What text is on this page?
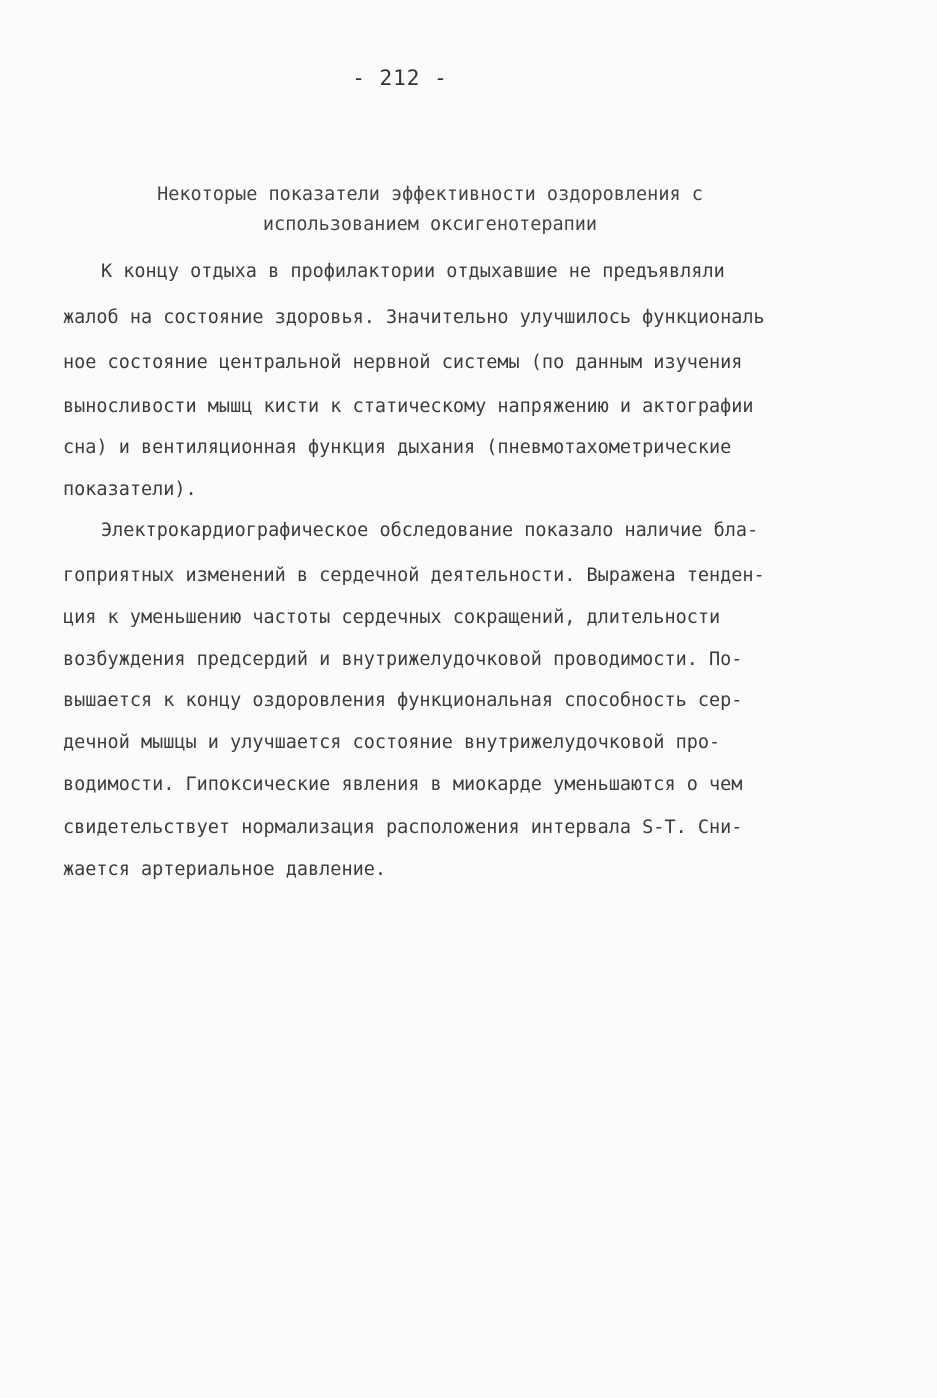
- 212 -
Некоторые показатели эффективности оздоровления с
использованием оксигенотерапии
К концу отдыха в профилактории отдыхавшие не предъявляли
жалоб на состояние здоровья. Значительно улучшилось функциональ
ное состояние центральной нервной системы (по данным изучения
выносливости мышц кисти к статическому напряжению и актографии
сна) и вентиляционная функция дыхания (пневмотахометрические
показатели).
Электрокардиографическое обследование показало наличие бла-
гоприятных изменений в сердечной деятельности. Выражена тенден-
ция к уменьшению частоты сердечных сокращений, длительности
возбуждения предсердий и внутрижелудочковой проводимости. По-
вышается к концу оздоровления функциональная способность сер-
дечной мышцы и улучшается состояние внутрижелудочковой про-
водимости. Гипоксические явления в миокарде уменьшаются о чем
свидетельствует нормализация расположения интервала S-T. Сни-
жается артериальное давление.
